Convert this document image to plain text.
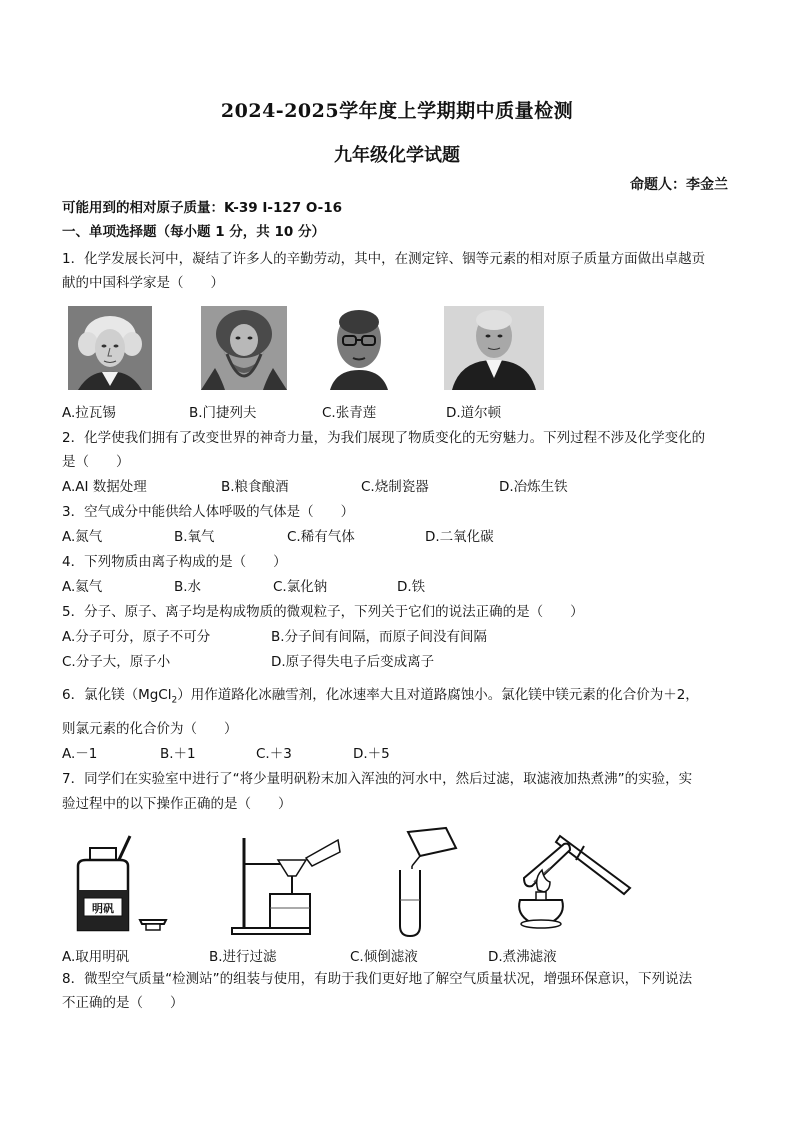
2024-2025学年度上学期期中质量检测
九年级化学试题
命题人：李金兰
可能用到的相对原子质量：K-39 I-127 O-16
一、单项选择题（每小题 1 分，共 10 分）
1．化学发展长河中，凝结了许多人的辛勤劳动，其中，在测定锌、铟等元素的相对原子质量方面做出卓越贡
献的中国科学家是（　　）
A.拉瓦锡	B.门捷列夫	C.张青莲	D.道尔顿
2．化学使我们拥有了改变世界的神奇力量，为我们展现了物质变化的无穷魅力。下列过程不涉及化学变化的
是（　　）
A.AI 数据处理	B.粮食酿酒	C.烧制瓷器	D.冶炼生铁
3．空气成分中能供给人体呼吸的气体是（　　）
A.氮气	B.氧气	C.稀有气体	D.二氧化碳
4．下列物质由离子构成的是（　　）
A.氦气	B.水	C.氯化钠	D.铁
5．分子、原子、离子均是构成物质的微观粒子，下列关于它们的说法正确的是（　　）
A.分子可分，原子不可分	B.分子间有间隔，而原子间没有间隔
C.分子大，原子小	D.原子得失电子后变成离子
6．氯化镁（MgCl$_2$）用作道路化冰融雪剂，化冰速率大且对道路腐蚀小。氯化镁中镁元素的化合价为＋2，
则氯元素的化合价为（　　）
A.－1	B.＋1	C.＋3	D.＋5
7．同学们在实验室中进行了“将少量明矾粉末加入浑浊的河水中，然后过滤，取滤液加热煮沸”的实验，实
验过程中的以下操作正确的是（　　）
明矾
A.取用明矾	B.进行过滤	C.倾倒滤液	D.煮沸滤液
8．微型空气质量“检测站”的组装与使用，有助于我们更好地了解空气质量状况，增强环保意识，下列说法
不正确的是（　　）
